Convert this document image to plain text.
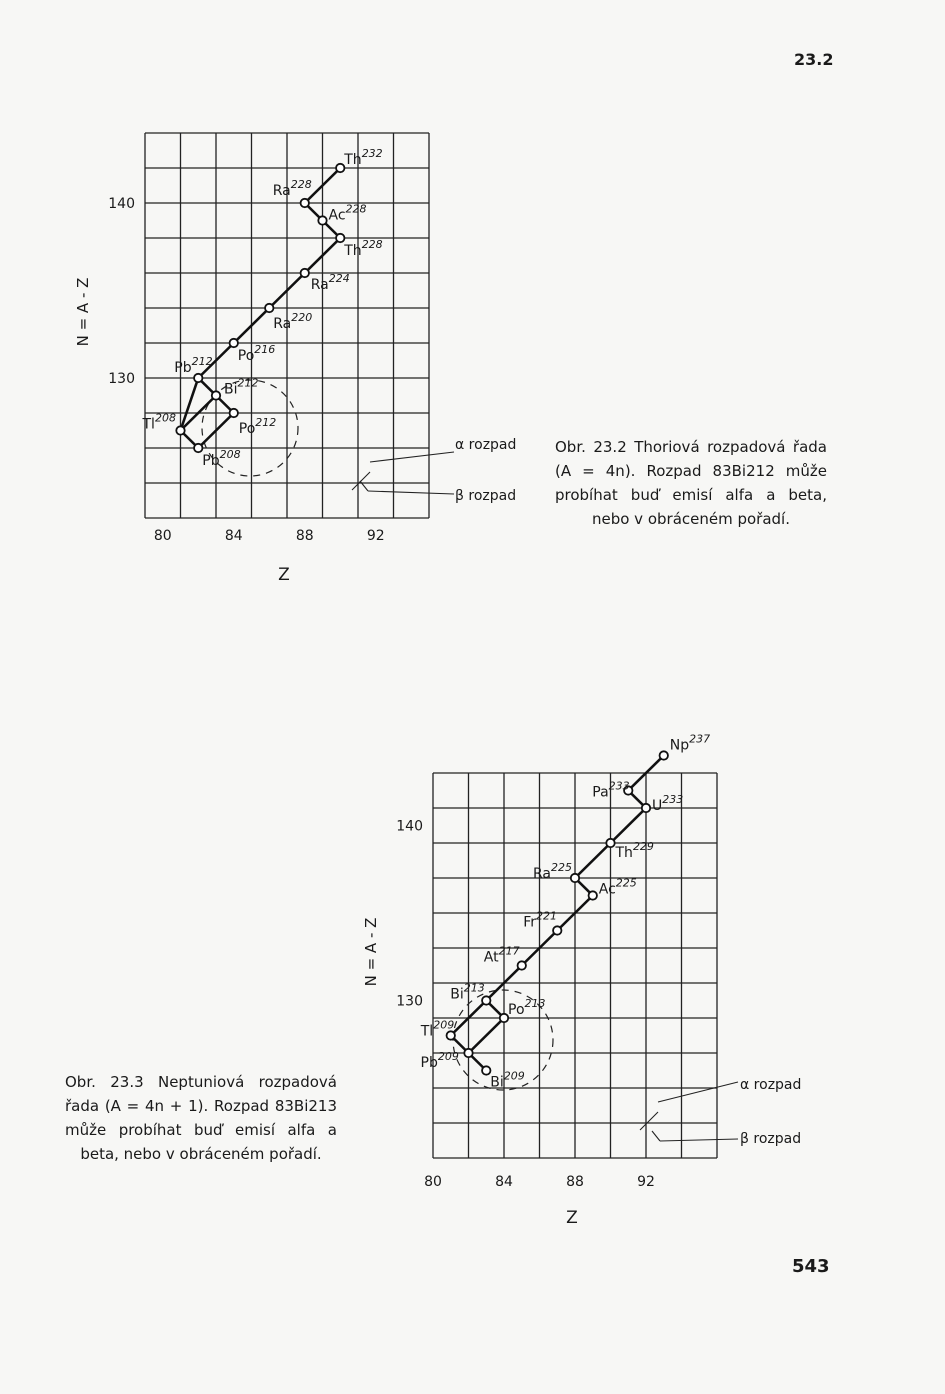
23.2
80	84	88	92
140
130
Z
N = A - Z
Th$^{232}$
Ra$^{228}$
Ac$^{228}$
Th$^{228}$
Ra$^{224}$
Ra$^{220}$
Po$^{216}$
Pb$^{212}$
Bi$^{212}$
Po$^{212}$
Tl$^{208}$
Pb$^{208}$
α rozpad
β rozpad
80	84	88	92
140
130
Z
N = A - Z
Np$^{237}$
Pa$^{233}$
$U^{233}$
Th$^{229}$
Ra$^{225}$
Ac$^{225}$
Fr$^{221}$
At$^{217}$
Bi$^{213}$
Po$^{213}$
Tl$^{209}$
Pb$^{209}$
Bi$^{209}$
α rozpad
β rozpad
Obr. 23.2 Thoriová rozpadová řada (A = 4n). Rozpad 83Bi212 může probíhat buď emisí alfa a beta, nebo v obráceném pořadí.
Obr. 23.3 Neptuniová rozpadová řada (A = 4n + 1). Rozpad 83Bi213 může probíhat buď emisí alfa a beta, nebo v obráceném pořadí.
543
